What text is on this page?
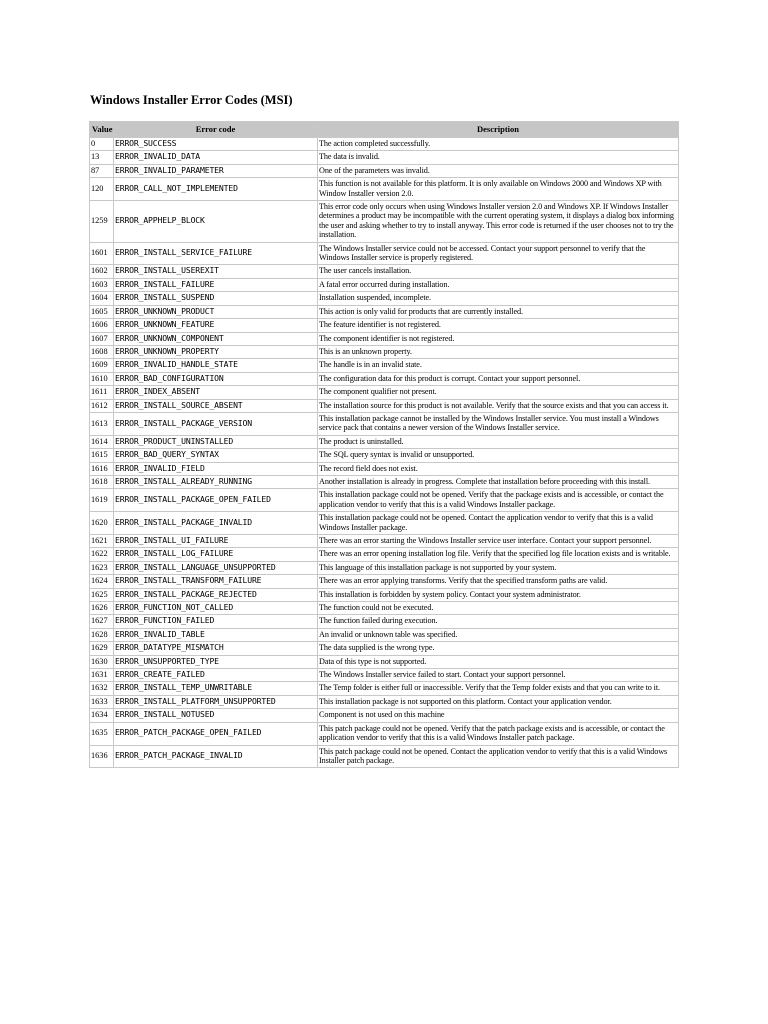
Windows Installer Error Codes (MSI)
Value	Error code	Description
0	ERROR_SUCCESS	The action completed successfully.
13	ERROR_INVALID_DATA	The data is invalid.
87	ERROR_INVALID_PARAMETER	One of the parameters was invalid.
120	ERROR_CALL_NOT_IMPLEMENTED	This function is not available for this platform. It is only available on Windows 2000 and Windows XP with Window Installer version 2.0.
1259	ERROR_APPHELP_BLOCK	This error code only occurs when using Windows Installer version 2.0 and Windows XP. If Windows Installer determines a product may be incompatible with the current operating system, it displays a dialog box informing the user and asking whether to try to install anyway. This error code is returned if the user chooses not to try the installation.
1601	ERROR_INSTALL_SERVICE_FAILURE	The Windows Installer service could not be accessed. Contact your support personnel to verify that the Windows Installer service is properly registered.
1602	ERROR_INSTALL_USEREXIT	The user cancels installation.
1603	ERROR_INSTALL_FAILURE	A fatal error occurred during installation.
1604	ERROR_INSTALL_SUSPEND	Installation suspended, incomplete.
1605	ERROR_UNKNOWN_PRODUCT	This action is only valid for products that are currently installed.
1606	ERROR_UNKNOWN_FEATURE	The feature identifier is not registered.
1607	ERROR_UNKNOWN_COMPONENT	The component identifier is not registered.
1608	ERROR_UNKNOWN_PROPERTY	This is an unknown property.
1609	ERROR_INVALID_HANDLE_STATE	The handle is in an invalid state.
1610	ERROR_BAD_CONFIGURATION	The configuration data for this product is corrupt. Contact your support personnel.
1611	ERROR_INDEX_ABSENT	The component qualifier not present.
1612	ERROR_INSTALL_SOURCE_ABSENT	The installation source for this product is not available. Verify that the source exists and that you can access it.
1613	ERROR_INSTALL_PACKAGE_VERSION	This installation package cannot be installed by the Windows Installer service. You must install a Windows service pack that contains a newer version of the Windows Installer service.
1614	ERROR_PRODUCT_UNINSTALLED	The product is uninstalled.
1615	ERROR_BAD_QUERY_SYNTAX	The SQL query syntax is invalid or unsupported.
1616	ERROR_INVALID_FIELD	The record field does not exist.
1618	ERROR_INSTALL_ALREADY_RUNNING	Another installation is already in progress. Complete that installation before proceeding with this install.
1619	ERROR_INSTALL_PACKAGE_OPEN_FAILED	This installation package could not be opened. Verify that the package exists and is accessible, or contact the application vendor to verify that this is a valid Windows Installer package.
1620	ERROR_INSTALL_PACKAGE_INVALID	This installation package could not be opened. Contact the application vendor to verify that this is a valid Windows Installer package.
1621	ERROR_INSTALL_UI_FAILURE	There was an error starting the Windows Installer service user interface. Contact your support personnel.
1622	ERROR_INSTALL_LOG_FAILURE	There was an error opening installation log file. Verify that the specified log file location exists and is writable.
1623	ERROR_INSTALL_LANGUAGE_UNSUPPORTED	This language of this installation package is not supported by your system.
1624	ERROR_INSTALL_TRANSFORM_FAILURE	There was an error applying transforms. Verify that the specified transform paths are valid.
1625	ERROR_INSTALL_PACKAGE_REJECTED	This installation is forbidden by system policy. Contact your system administrator.
1626	ERROR_FUNCTION_NOT_CALLED	The function could not be executed.
1627	ERROR_FUNCTION_FAILED	The function failed during execution.
1628	ERROR_INVALID_TABLE	An invalid or unknown table was specified.
1629	ERROR_DATATYPE_MISMATCH	The data supplied is the wrong type.
1630	ERROR_UNSUPPORTED_TYPE	Data of this type is not supported.
1631	ERROR_CREATE_FAILED	The Windows Installer service failed to start. Contact your support personnel.
1632	ERROR_INSTALL_TEMP_UNWRITABLE	The Temp folder is either full or inaccessible. Verify that the Temp folder exists and that you can write to it.
1633	ERROR_INSTALL_PLATFORM_UNSUPPORTED	This installation package is not supported on this platform. Contact your application vendor.
1634	ERROR_INSTALL_NOTUSED	Component is not used on this machine
1635	ERROR_PATCH_PACKAGE_OPEN_FAILED	This patch package could not be opened. Verify that the patch package exists and is accessible, or contact the application vendor to verify that this is a valid Windows Installer patch package.
1636	ERROR_PATCH_PACKAGE_INVALID	This patch package could not be opened. Contact the application vendor to verify that this is a valid Windows Installer patch package.
